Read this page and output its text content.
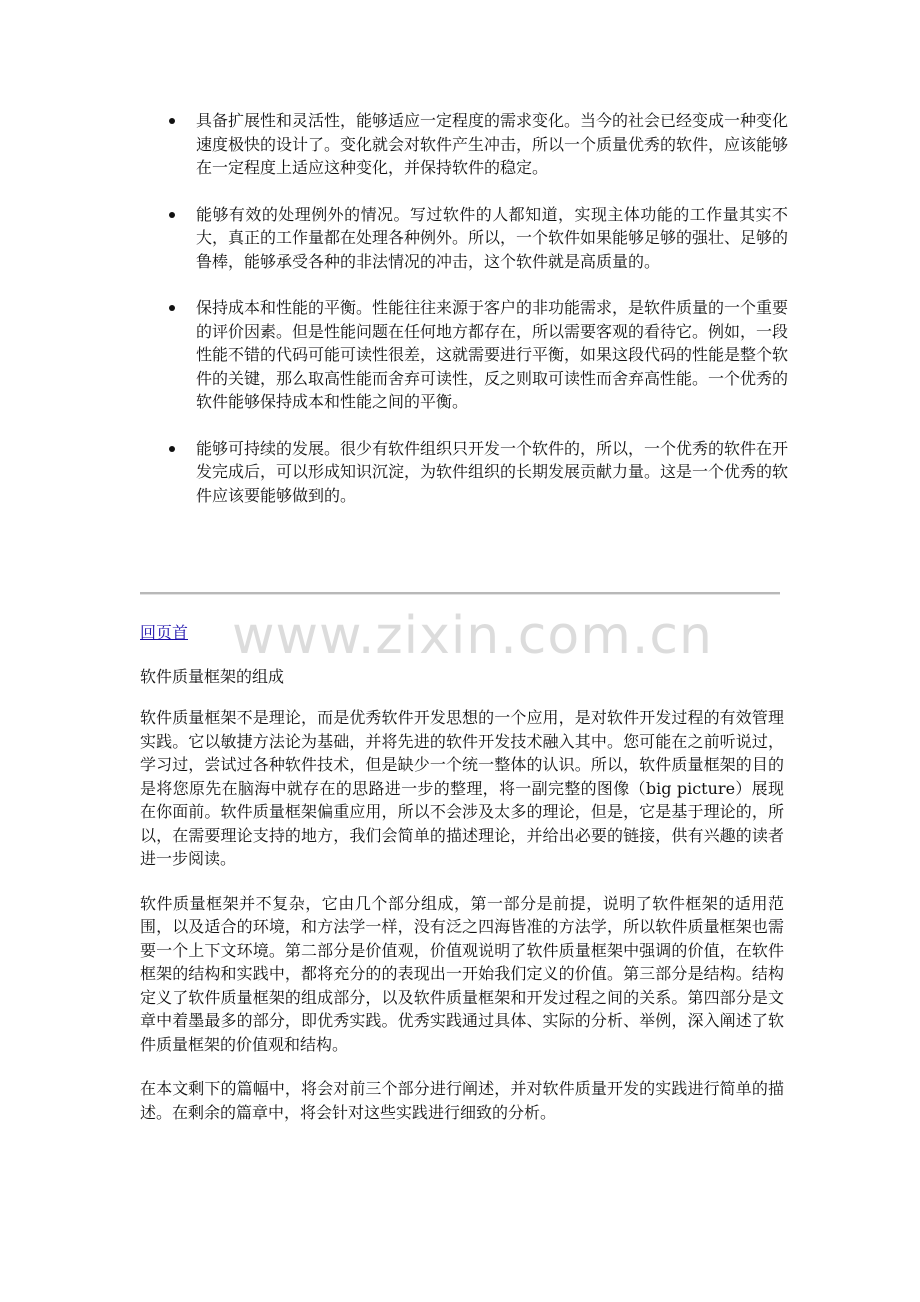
具备扩展性和灵活性，能够适应一定程度的需求变化。当今的社会已经变成一种变化速度极快的设计了。变化就会对软件产生冲击，所以一个质量优秀的软件，应该能够在一定程度上适应这种变化，并保持软件的稳定。
能够有效的处理例外的情况。写过软件的人都知道，实现主体功能的工作量其实不大，真正的工作量都在处理各种例外。所以，一个软件如果能够足够的强壮、足够的鲁棒，能够承受各种的非法情况的冲击，这个软件就是高质量的。
保持成本和性能的平衡。性能往往来源于客户的非功能需求，是软件质量的一个重要的评价因素。但是性能问题在任何地方都存在，所以需要客观的看待它。例如，一段性能不错的代码可能可读性很差，这就需要进行平衡，如果这段代码的性能是整个软件的关键，那么取高性能而舍弃可读性，反之则取可读性而舍弃高性能。一个优秀的软件能够保持成本和性能之间的平衡。
能够可持续的发展。很少有软件组织只开发一个软件的，所以，一个优秀的软件在开发完成后，可以形成知识沉淀，为软件组织的长期发展贡献力量。这是一个优秀的软件应该要能够做到的。
www.zixin.com.cn
回页首
软件质量框架的组成

软件质量框架不是理论，而是优秀软件开发思想的一个应用，是对软件开发过程的有效管理实践。它以敏捷方法论为基础，并将先进的软件开发技术融入其中。您可能在之前听说过，学习过，尝试过各种软件技术，但是缺少一个统一整体的认识。所以，软件质量框架的目的是将您原先在脑海中就存在的思路进一步的整理，将一副完整的图像（big picture）展现在你面前。软件质量框架偏重应用，所以不会涉及太多的理论，但是，它是基于理论的，所以，在需要理论支持的地方，我们会简单的描述理论，并给出必要的链接，供有兴趣的读者进一步阅读。

软件质量框架并不复杂，它由几个部分组成，第一部分是前提，说明了软件框架的适用范围，以及适合的环境，和方法学一样，没有泛之四海皆准的方法学，所以软件质量框架也需要一个上下文环境。第二部分是价值观，价值观说明了软件质量框架中强调的价值，在软件框架的结构和实践中，都将充分的的表现出一开始我们定义的价值。第三部分是结构。结构定义了软件质量框架的组成部分，以及软件质量框架和开发过程之间的关系。第四部分是文章中着墨最多的部分，即优秀实践。优秀实践通过具体、实际的分析、举例，深入阐述了软件质量框架的价值观和结构。

在本文剩下的篇幅中，将会对前三个部分进行阐述，并对软件质量开发的实践进行简单的描述。在剩余的篇章中，将会针对这些实践进行细致的分析。
